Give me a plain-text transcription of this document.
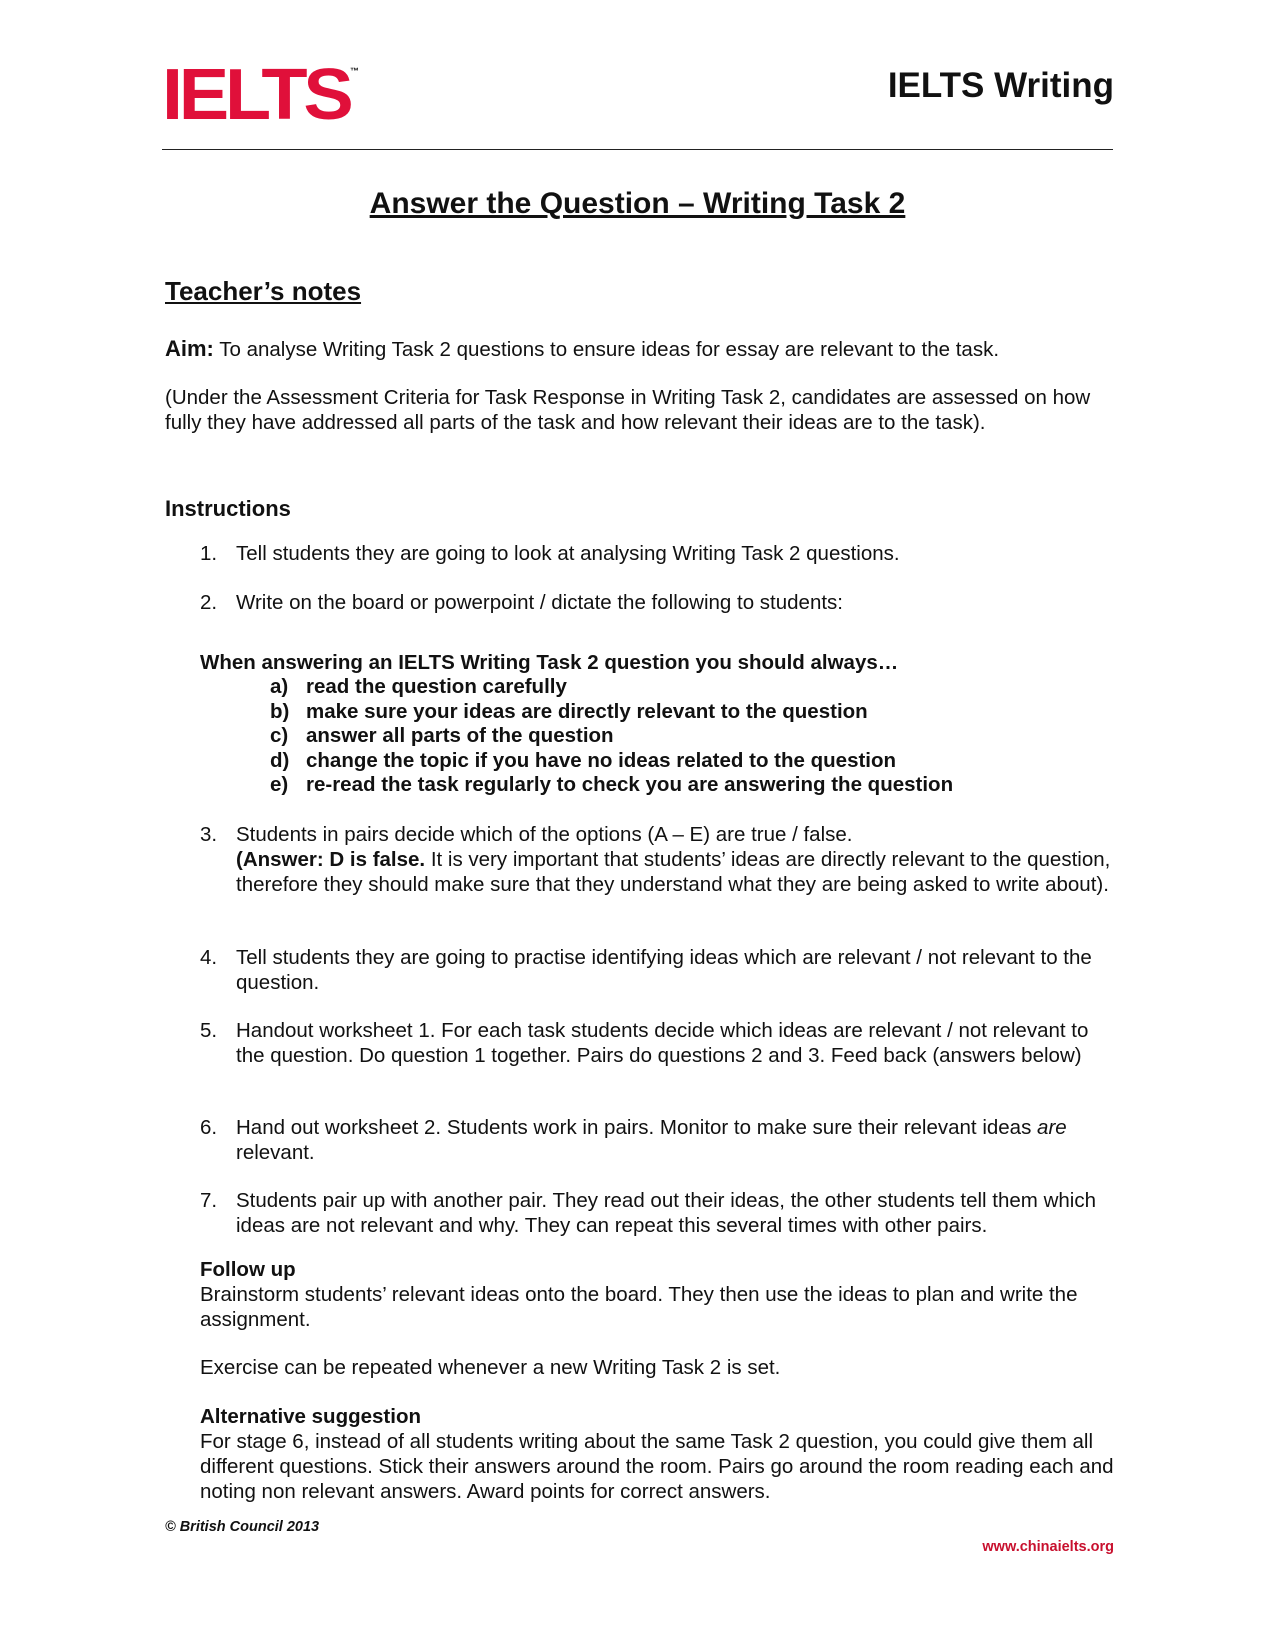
IELTS ™	IELTS Writing
Answer the Question – Writing Task 2
Teacher’s notes
Aim: To analyse Writing Task 2 questions to ensure ideas for essay are relevant to the task.
(Under the Assessment Criteria for Task Response in Writing Task 2, candidates are assessed on how fully they have addressed all parts of the task and how relevant their ideas are to the task).
Instructions
1. Tell students they are going to look at analysing Writing Task 2 questions.
2. Write on the board or powerpoint / dictate the following to students:
When answering an IELTS Writing Task 2 question you should always…
a) read the question carefully
b) make sure your ideas are directly relevant to the question
c) answer all parts of the question
d) change the topic if you have no ideas related to the question
e) re-read the task regularly to check you are answering the question
3. Students in pairs decide which of the options (A – E) are true / false.
(Answer: D is false. It is very important that students’ ideas are directly relevant to the question, therefore they should make sure that they understand what they are being asked to write about).
4. Tell students they are going to practise identifying ideas which are relevant / not relevant to the question.
5. Handout worksheet 1. For each task students decide which ideas are relevant / not relevant to the question. Do question 1 together. Pairs do questions 2 and 3. Feed back (answers below)
6. Hand out worksheet 2. Students work in pairs. Monitor to make sure their relevant ideas are relevant.
7. Students pair up with another pair. They read out their ideas, the other students tell them which ideas are not relevant and why. They can repeat this several times with other pairs.
Follow up
Brainstorm students’ relevant ideas onto the board. They then use the ideas to plan and write the assignment.
Exercise can be repeated whenever a new Writing Task 2 is set.
Alternative suggestion
For stage 6, instead of all students writing about the same Task 2 question, you could give them all different questions. Stick their answers around the room. Pairs go around the room reading each and noting non relevant answers. Award points for correct answers.
© British Council 2013
www.chinaielts.org
